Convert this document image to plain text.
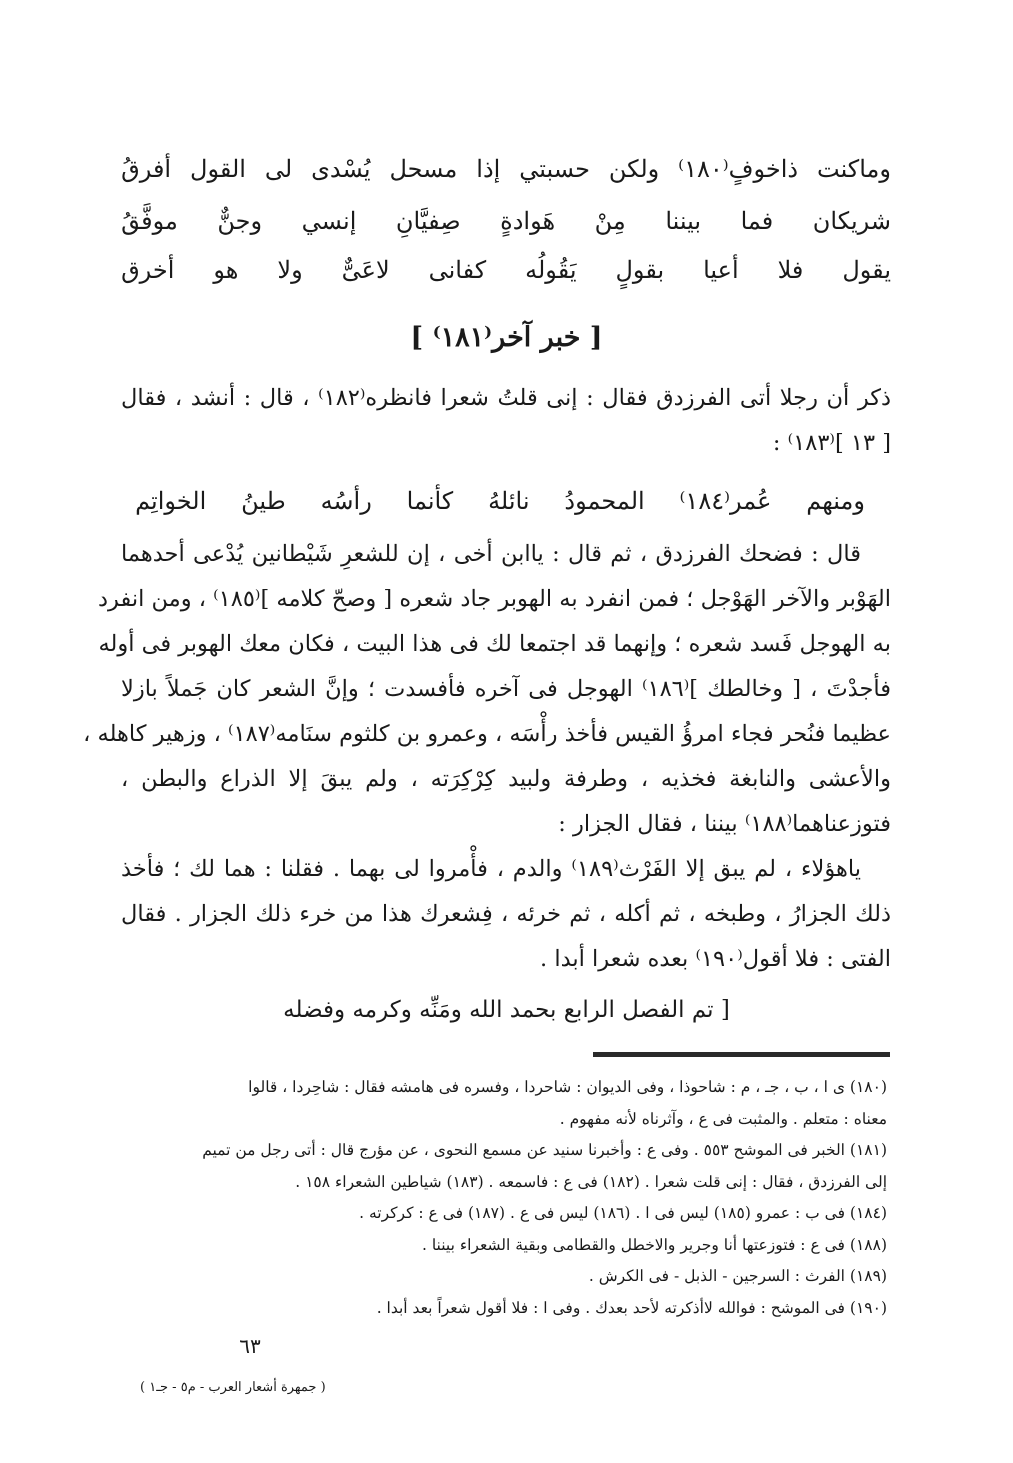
وماكنت
ذاخوفٍ⁽١٨٠⁾
ولكن
حسبتي
إذا
مسحل
يُسْدى
لى
القول
أفرقُ
شريكان
فما
بيننا
مِنْ
هَوادةٍ
صِفيَّانِ
إنسي
وجنٌّ
موفَّقُ
يقول
فلا
أعيا
بقولٍ
يَقُولُه
كفانى
لاعَىٌّ
ولا
هو
أخرق
[ خبر آخر⁽١٨١⁾ ]
ذكر أن رجلا أتى الفرزدق فقال : إنى قلتُ شعرا فانظره⁽١٨٢⁾ ، قال : أنشد ، فقال
[ ١٣ ]⁽١٨٣⁾ :
ومنهم
عُمر⁽١٨٤⁾
المحمودُ
نائلهُ
كأنما
رأسُه
طينُ
الخواتِم
قال : فضحك الفرزدق ، ثم قال : ياابن أخى ، إن للشعرِ شَيْطانين يُدْعى أحدهما
الهَوْبر والآخر الهَوْجل ؛ فمن انفرد به الهوبر جاد شعره [ وصحّ كلامه ]⁽١٨٥⁾ ، ومن انفرد
به الهوجل فَسد شعره ؛ وإنهما قد اجتمعا لك فى هذا البيت ، فكان معك الهوبر فى أوله
فأجدْتَ ، [ وخالطك ]⁽١٨٦⁾ الهوجل فى آخره فأفسدت ؛ وإنَّ الشعر كان جَملاً بازلا
عظيما فنُحر فجاء امرؤُ القيس فأخذ رأْسَه ، وعمرو بن كلثوم سنَامه⁽١٨٧⁾ ، وزهير كاهله ،
والأعشى والنابغة فخذيه ، وطرفة ولبيد كِرْكِرَته ، ولم يبقَ إلا الذراع والبطن ،
فتوزعناهما⁽١٨٨⁾ بيننا ، فقال الجزار :
ياهؤلاء ، لم يبق إلا الفَرْث⁽١٨٩⁾ والدم ، فأْمروا لى بهما . فقلنا : هما لك ؛ فأخذ
ذلك الجزارُ ، وطبخه ، ثم أكله ، ثم خرئه ، فِشعرك هذا من خرء ذلك الجزار . فقال
الفتى : فلا أقول⁽١٩٠⁾ بعده شعرا أبدا .
[ تم الفصل الرابع بحمد الله ومَنِّه وكرمه وفضله
(١٨٠) ى ا ، ب ، جـ ، م : شاحوذا ، وفى الديوان : شاحردا ، وفسره فى هامشه فقال : شاحِردا ، قالوا
معناه : متعلم . والمثبت فى ع ، وآثرناه لأنه مفهوم .
(١٨١) الخبر فى الموشح ٥٥٣ . وفى ع : وأخبرنا سنيد عن مسمع النحوى ، عن مؤرج قال : أتى رجل من تميم
إلى الفرزدق ، فقال : إنى قلت شعرا . (١٨٢) فى ع : فاسمعه . (١٨٣) شياطين الشعراء ١٥٨ .
(١٨٤) فى ب : عمرو (١٨٥) ليس فى ا . (١٨٦) ليس فى ع . (١٨٧) فى ع : كركرته .
(١٨٨) فى ع : فتوزعتها أنا وجرير والاخطل والقطامى وبقية الشعراء بيننا .
(١٨٩) الفرث : السرجين - الذبل - فى الكرش .
(١٩٠) فى الموشح : فوالله لاأذكرته لأحد بعدك . وفى ا : فلا أقول شعراً بعد أبدا .
٦٣
( جمهرة أشعار العرب - م٥ - جـ١ )
